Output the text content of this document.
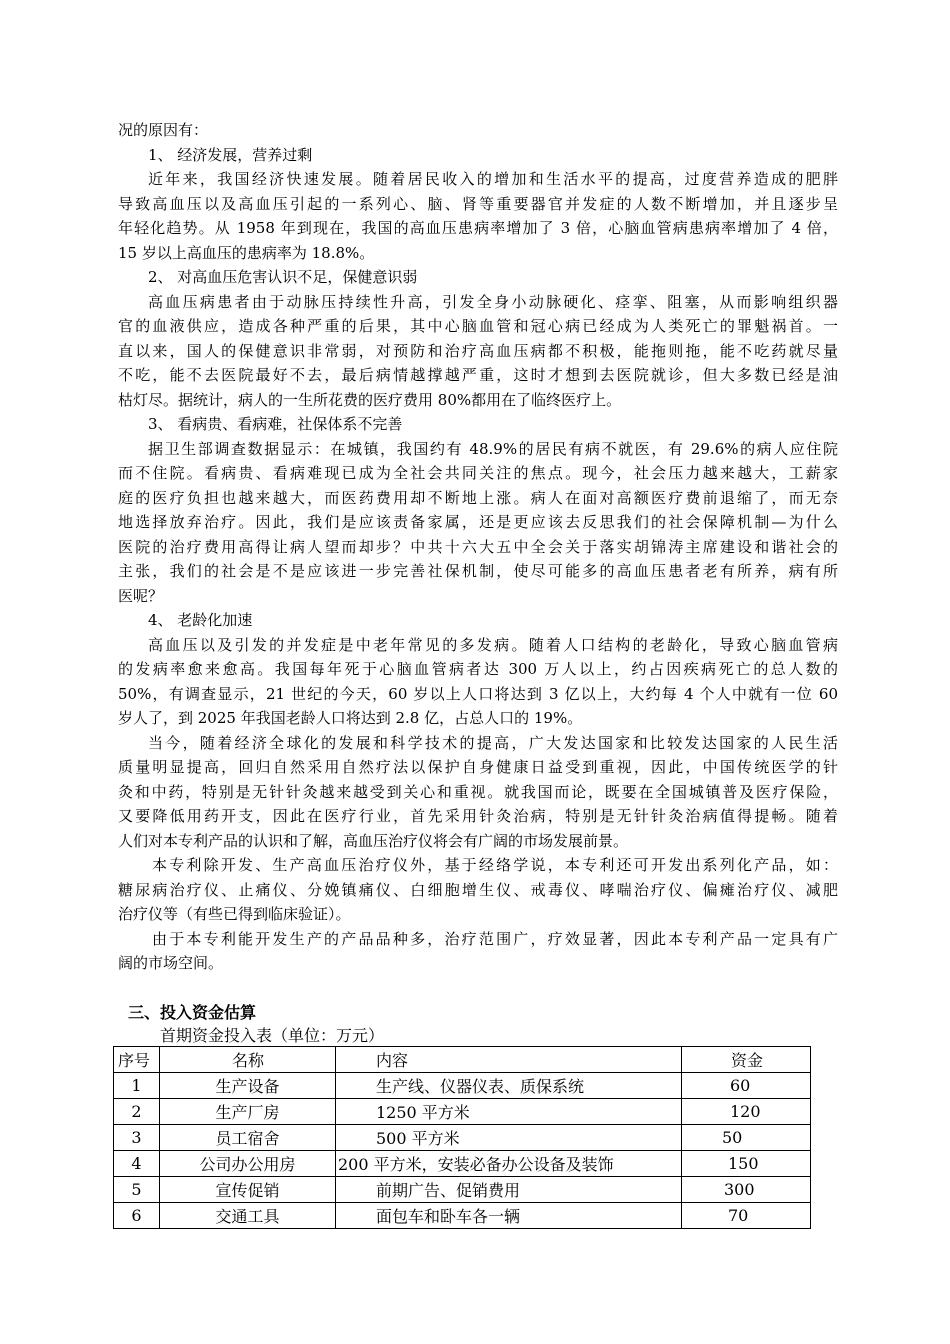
况的原因有：

1、 经济发展，营养过剩

近年来，我国经济快速发展。随着居民收入的增加和生活水平的提高，过度营养造成的肥胖

导致高血压以及高血压引起的一系列心、脑、肾等重要器官并发症的人数不断增加，并且逐步呈

年轻化趋势。从 1958 年到现在，我国的高血压患病率增加了 3 倍，心脑血管病患病率增加了 4 倍，

15 岁以上高血压的患病率为 18.8%。

2、 对高血压危害认识不足，保健意识弱

高血压病患者由于动脉压持续性升高，引发全身小动脉硬化、痉挛、阻塞，从而影响组织器

官的血液供应，造成各种严重的后果，其中心脑血管和冠心病已经成为人类死亡的罪魁祸首。一

直以来，国人的保健意识非常弱，对预防和治疗高血压病都不积极，能拖则拖，能不吃药就尽量

不吃，能不去医院最好不去，最后病情越撑越严重，这时才想到去医院就诊，但大多数已经是油

枯灯尽。据统计，病人的一生所花费的医疗费用 80%都用在了临终医疗上。

3、 看病贵、看病难，社保体系不完善

据卫生部调查数据显示：在城镇，我国约有 48.9%的居民有病不就医，有 29.6%的病人应住院

而不住院。看病贵、看病难现已成为全社会共同关注的焦点。现今，社会压力越来越大，工薪家

庭的医疗负担也越来越大，而医药费用却不断地上涨。病人在面对高额医疗费前退缩了，而无奈

地选择放弃治疗。因此，我们是应该责备家属，还是更应该去反思我们的社会保障机制—为什么

医院的治疗费用高得让病人望而却步？中共十六大五中全会关于落实胡锦涛主席建设和谐社会的

主张，我们的社会是不是应该进一步完善社保机制，使尽可能多的高血压患者老有所养，病有所

医呢？

4、 老龄化加速

高血压以及引发的并发症是中老年常见的多发病。随着人口结构的老龄化，导致心脑血管病

的发病率愈来愈高。我国每年死于心脑血管病者达 300 万人以上，约占因疾病死亡的总人数的

50%，有调查显示，21 世纪的今天，60 岁以上人口将达到 3 亿以上，大约每 4 个人中就有一位 60

岁人了，到 2025 年我国老龄人口将达到 2.8 亿，占总人口的 19%。

当今，随着经济全球化的发展和科学技术的提高，广大发达国家和比较发达国家的人民生活

质量明显提高，回归自然采用自然疗法以保护自身健康日益受到重视，因此，中国传统医学的针

灸和中药，特别是无针针灸越来越受到关心和重视。就我国而论，既要在全国城镇普及医疗保险，

又要降低用药开支，因此在医疗行业，首先采用针灸治病，特别是无针针灸治病值得提畅。随着

人们对本专利产品的认识和了解，高血压治疗仪将会有广阔的市场发展前景。

本专利除开发、生产高血压治疗仪外，基于经络学说，本专利还可开发出系列化产品，如：

糖尿病治疗仪、止痛仪、分娩镇痛仪、白细胞增生仪、戒毒仪、哮喘治疗仪、偏瘫治疗仪、减肥

治疗仪等（有些已得到临床验证）。

由于本专利能开发生产的产品品种多，治疗范围广，疗效显著，因此本专利产品一定具有广

阔的市场空间。

三、投入资金估算

首期资金投入表（单位：万元）

序号	名称	内容	资金
1	生产设备	生产线、仪器仪表、质保系统	60
2	生产厂房	1250 平方米	120
3	员工宿舍	500 平方米	50
4	公司办公用房	200 平方米，安装必备办公设备及装饰	150
5	宣传促销	前期广告、促销费用	300
6	交通工具	面包车和卧车各一辆	70
